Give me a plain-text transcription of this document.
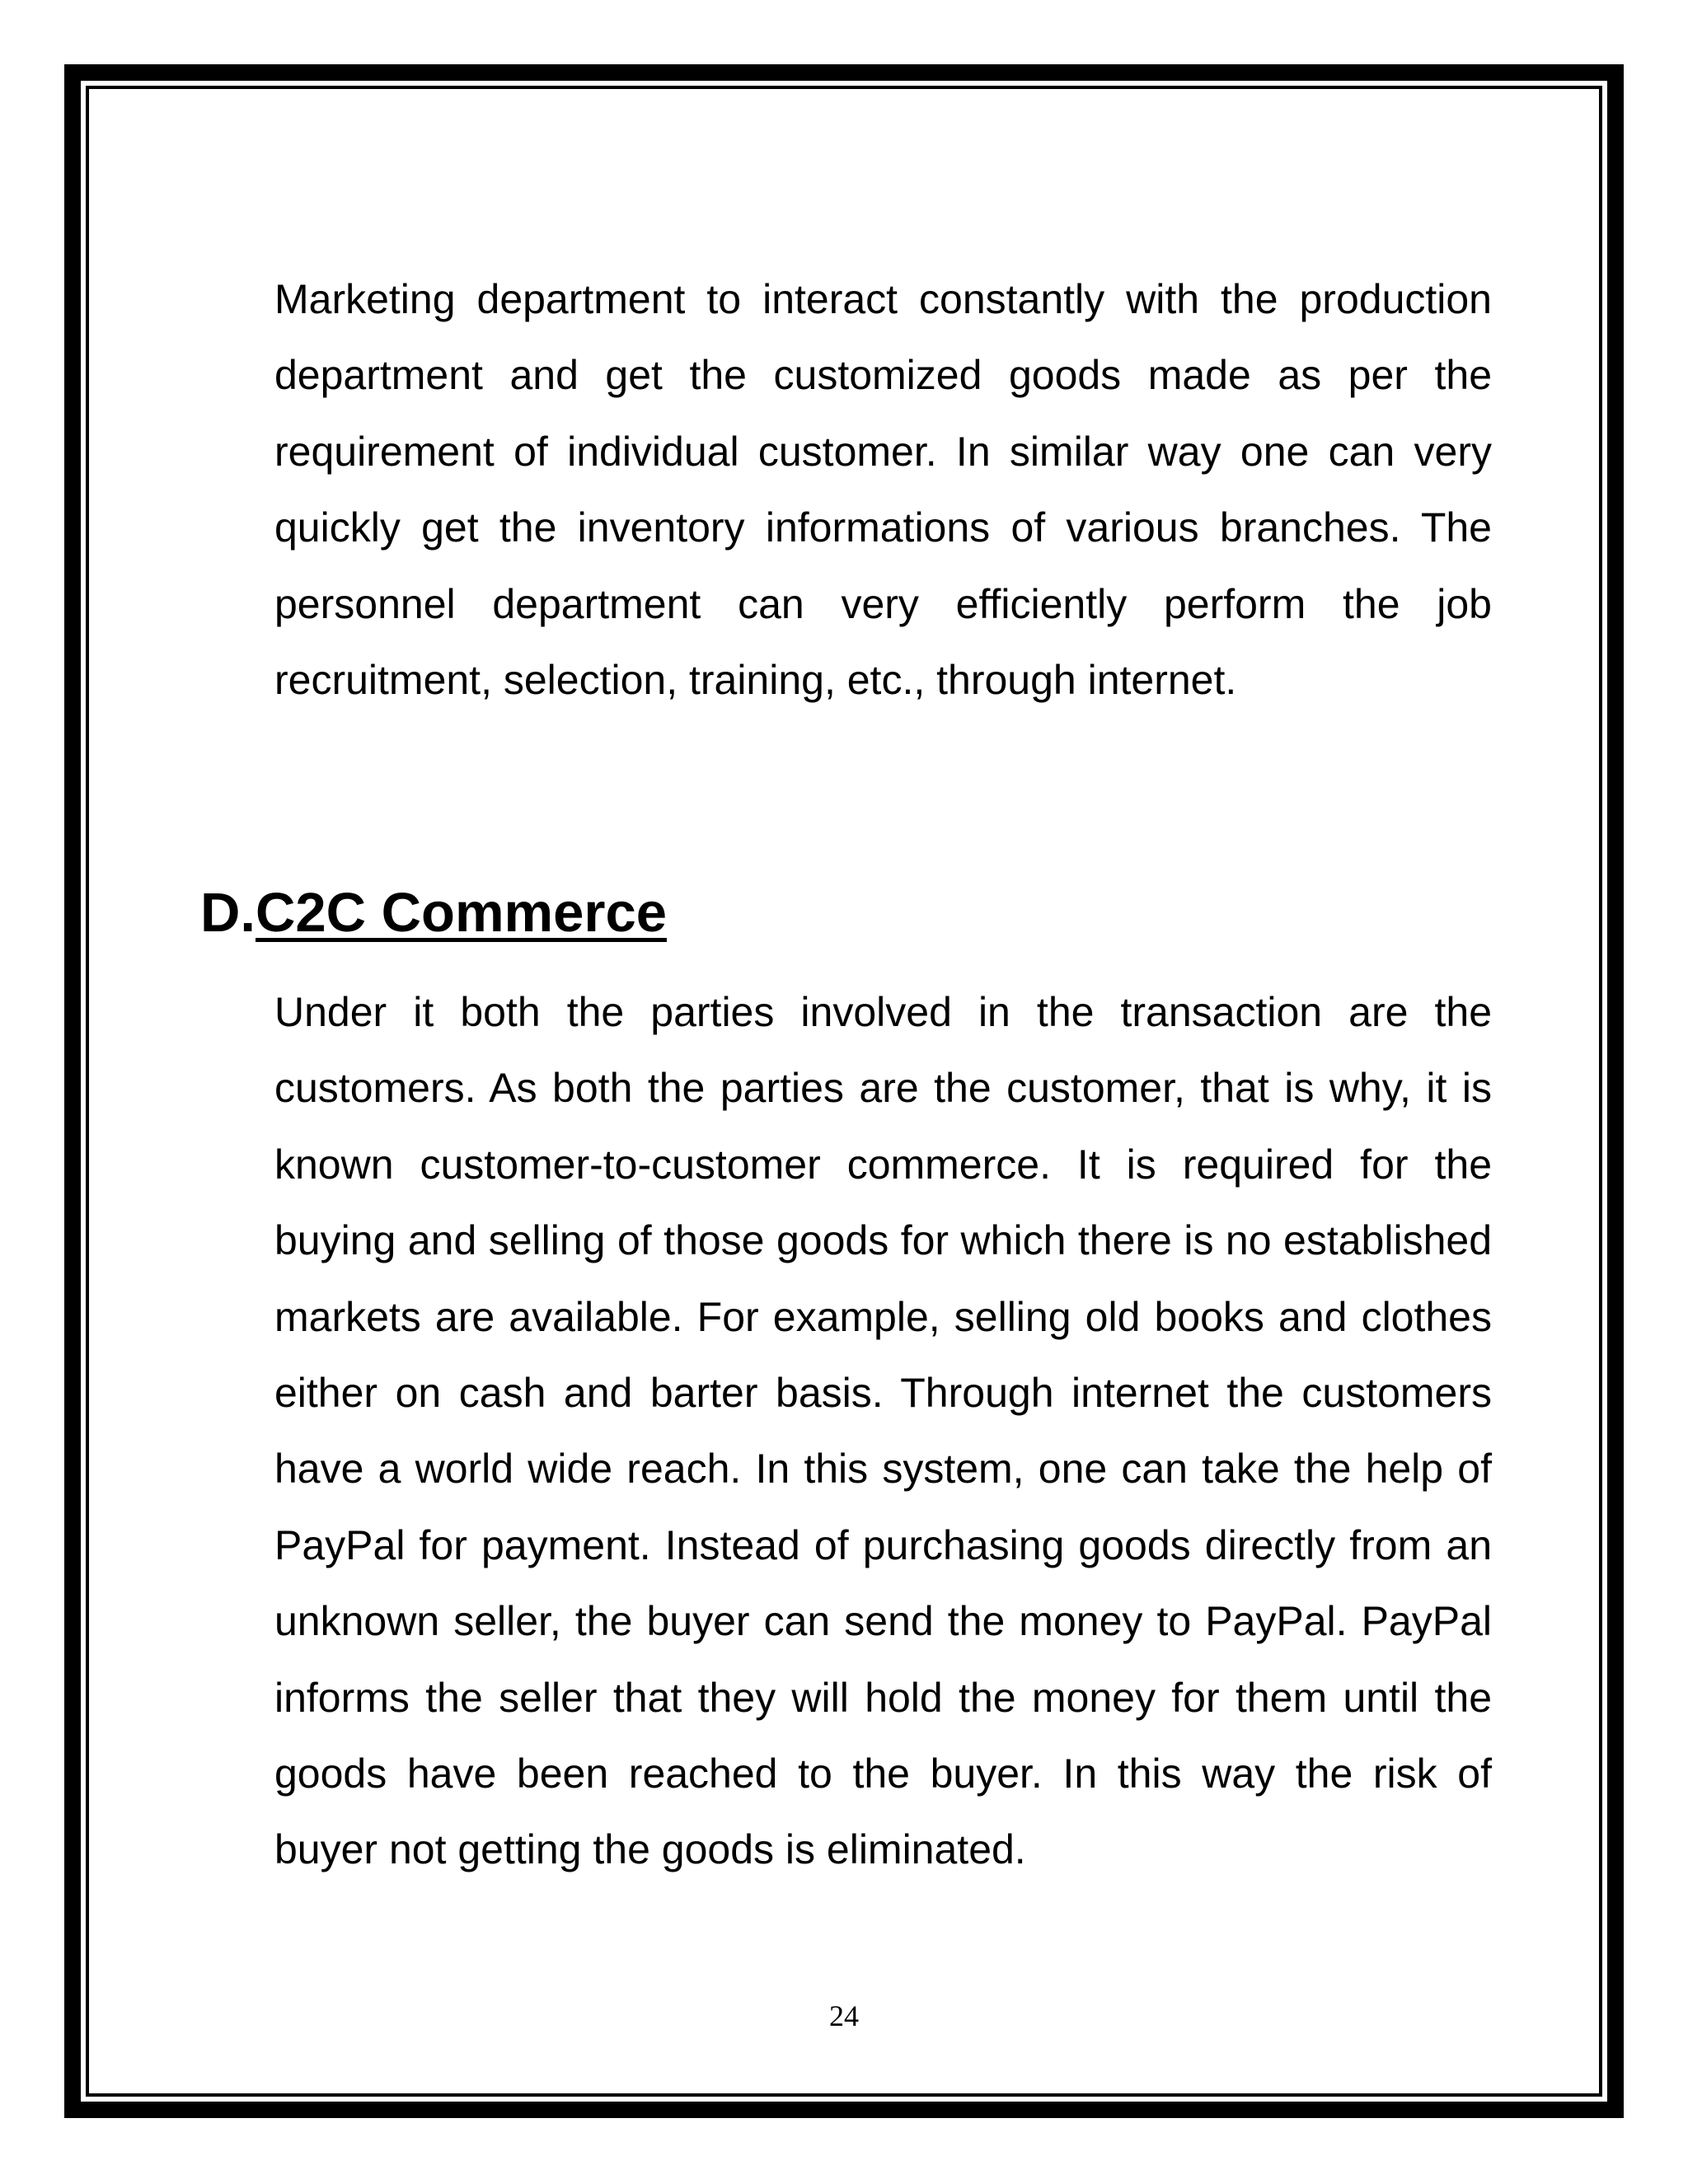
Marketing department to interact constantly with the production department and get the customized goods made as per the requirement of individual customer. In similar way one can very quickly get the inventory informations of various branches. The personnel department can very efficiently perform the job recruitment, selection, training, etc., through internet.

D.C2C Commerce

Under it both the parties involved in the transaction are the customers. As both the parties are the customer, that is why, it is known customer-to-customer commerce. It is required for the buying and selling of those goods for which there is no established markets are available. For example, selling old books and clothes either on cash and barter basis. Through internet the customers have a world wide reach. In this system, one can take the help of PayPal for payment. Instead of purchasing goods directly from an unknown seller, the buyer can send the money to PayPal. PayPal informs the seller that they will hold the money for them until the goods have been reached to the buyer. In this way the risk of buyer not getting the goods is eliminated.

24
